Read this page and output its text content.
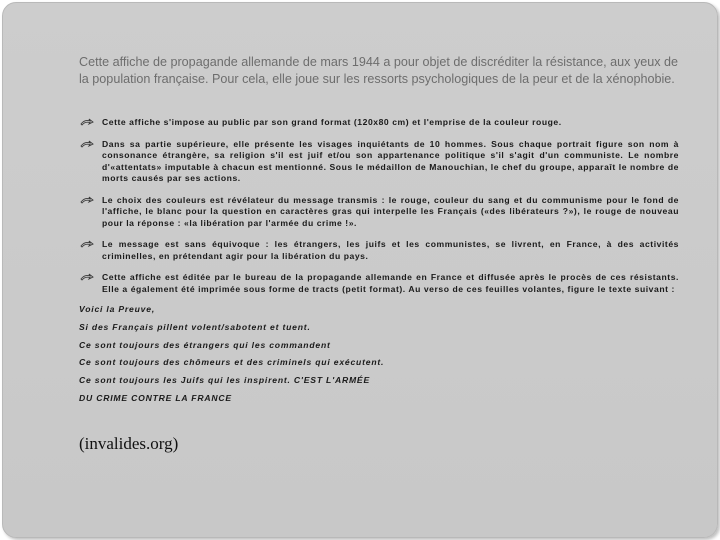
Cette affiche de propagande allemande de mars 1944 a pour objet de discréditer la résistance, aux yeux de la population française. Pour cela, elle joue sur les ressorts psychologiques de la peur et de la xénophobie.

Cette affiche s'impose au public par son grand format (120x80 cm) et l'emprise de la couleur rouge.
Dans sa partie supérieure, elle présente les visages inquiétants de 10 hommes. Sous chaque portrait figure son nom à consonance étrangère, sa religion s'il est juif et/ou son appartenance politique s'il s'agit d'un communiste. Le nombre d'«attentats» imputable à chacun est mentionné. Sous le médaillon de Manouchian, le chef du groupe, apparaît le nombre de morts causés par ses actions.
Le choix des couleurs est révélateur du message transmis : le rouge, couleur du sang et du communisme pour le fond de l'affiche, le blanc pour la question en caractères gras qui interpelle les Français («des libérateurs ?»), le rouge de nouveau pour la réponse : «la libération par l'armée du crime !».
Le message est sans équivoque : les étrangers, les juifs et les communistes, se livrent, en France, à des activités criminelles, en prétendant agir pour la libération du pays.
Cette affiche est éditée par le bureau de la propagande allemande en France et diffusée après le procès de ces résistants. Elle a également été imprimée sous forme de tracts (petit format). Au verso de ces feuilles volantes, figure le texte suivant :

Voici la Preuve,

Si des Français pillent volent/sabotent et tuent.

Ce sont toujours des étrangers qui les commandent

Ce sont toujours des chômeurs et des criminels qui exécutent.

Ce sont toujours les Juifs qui les inspirent. C'EST L'ARMÉE

DU CRIME CONTRE LA FRANCE

(invalides.org)
